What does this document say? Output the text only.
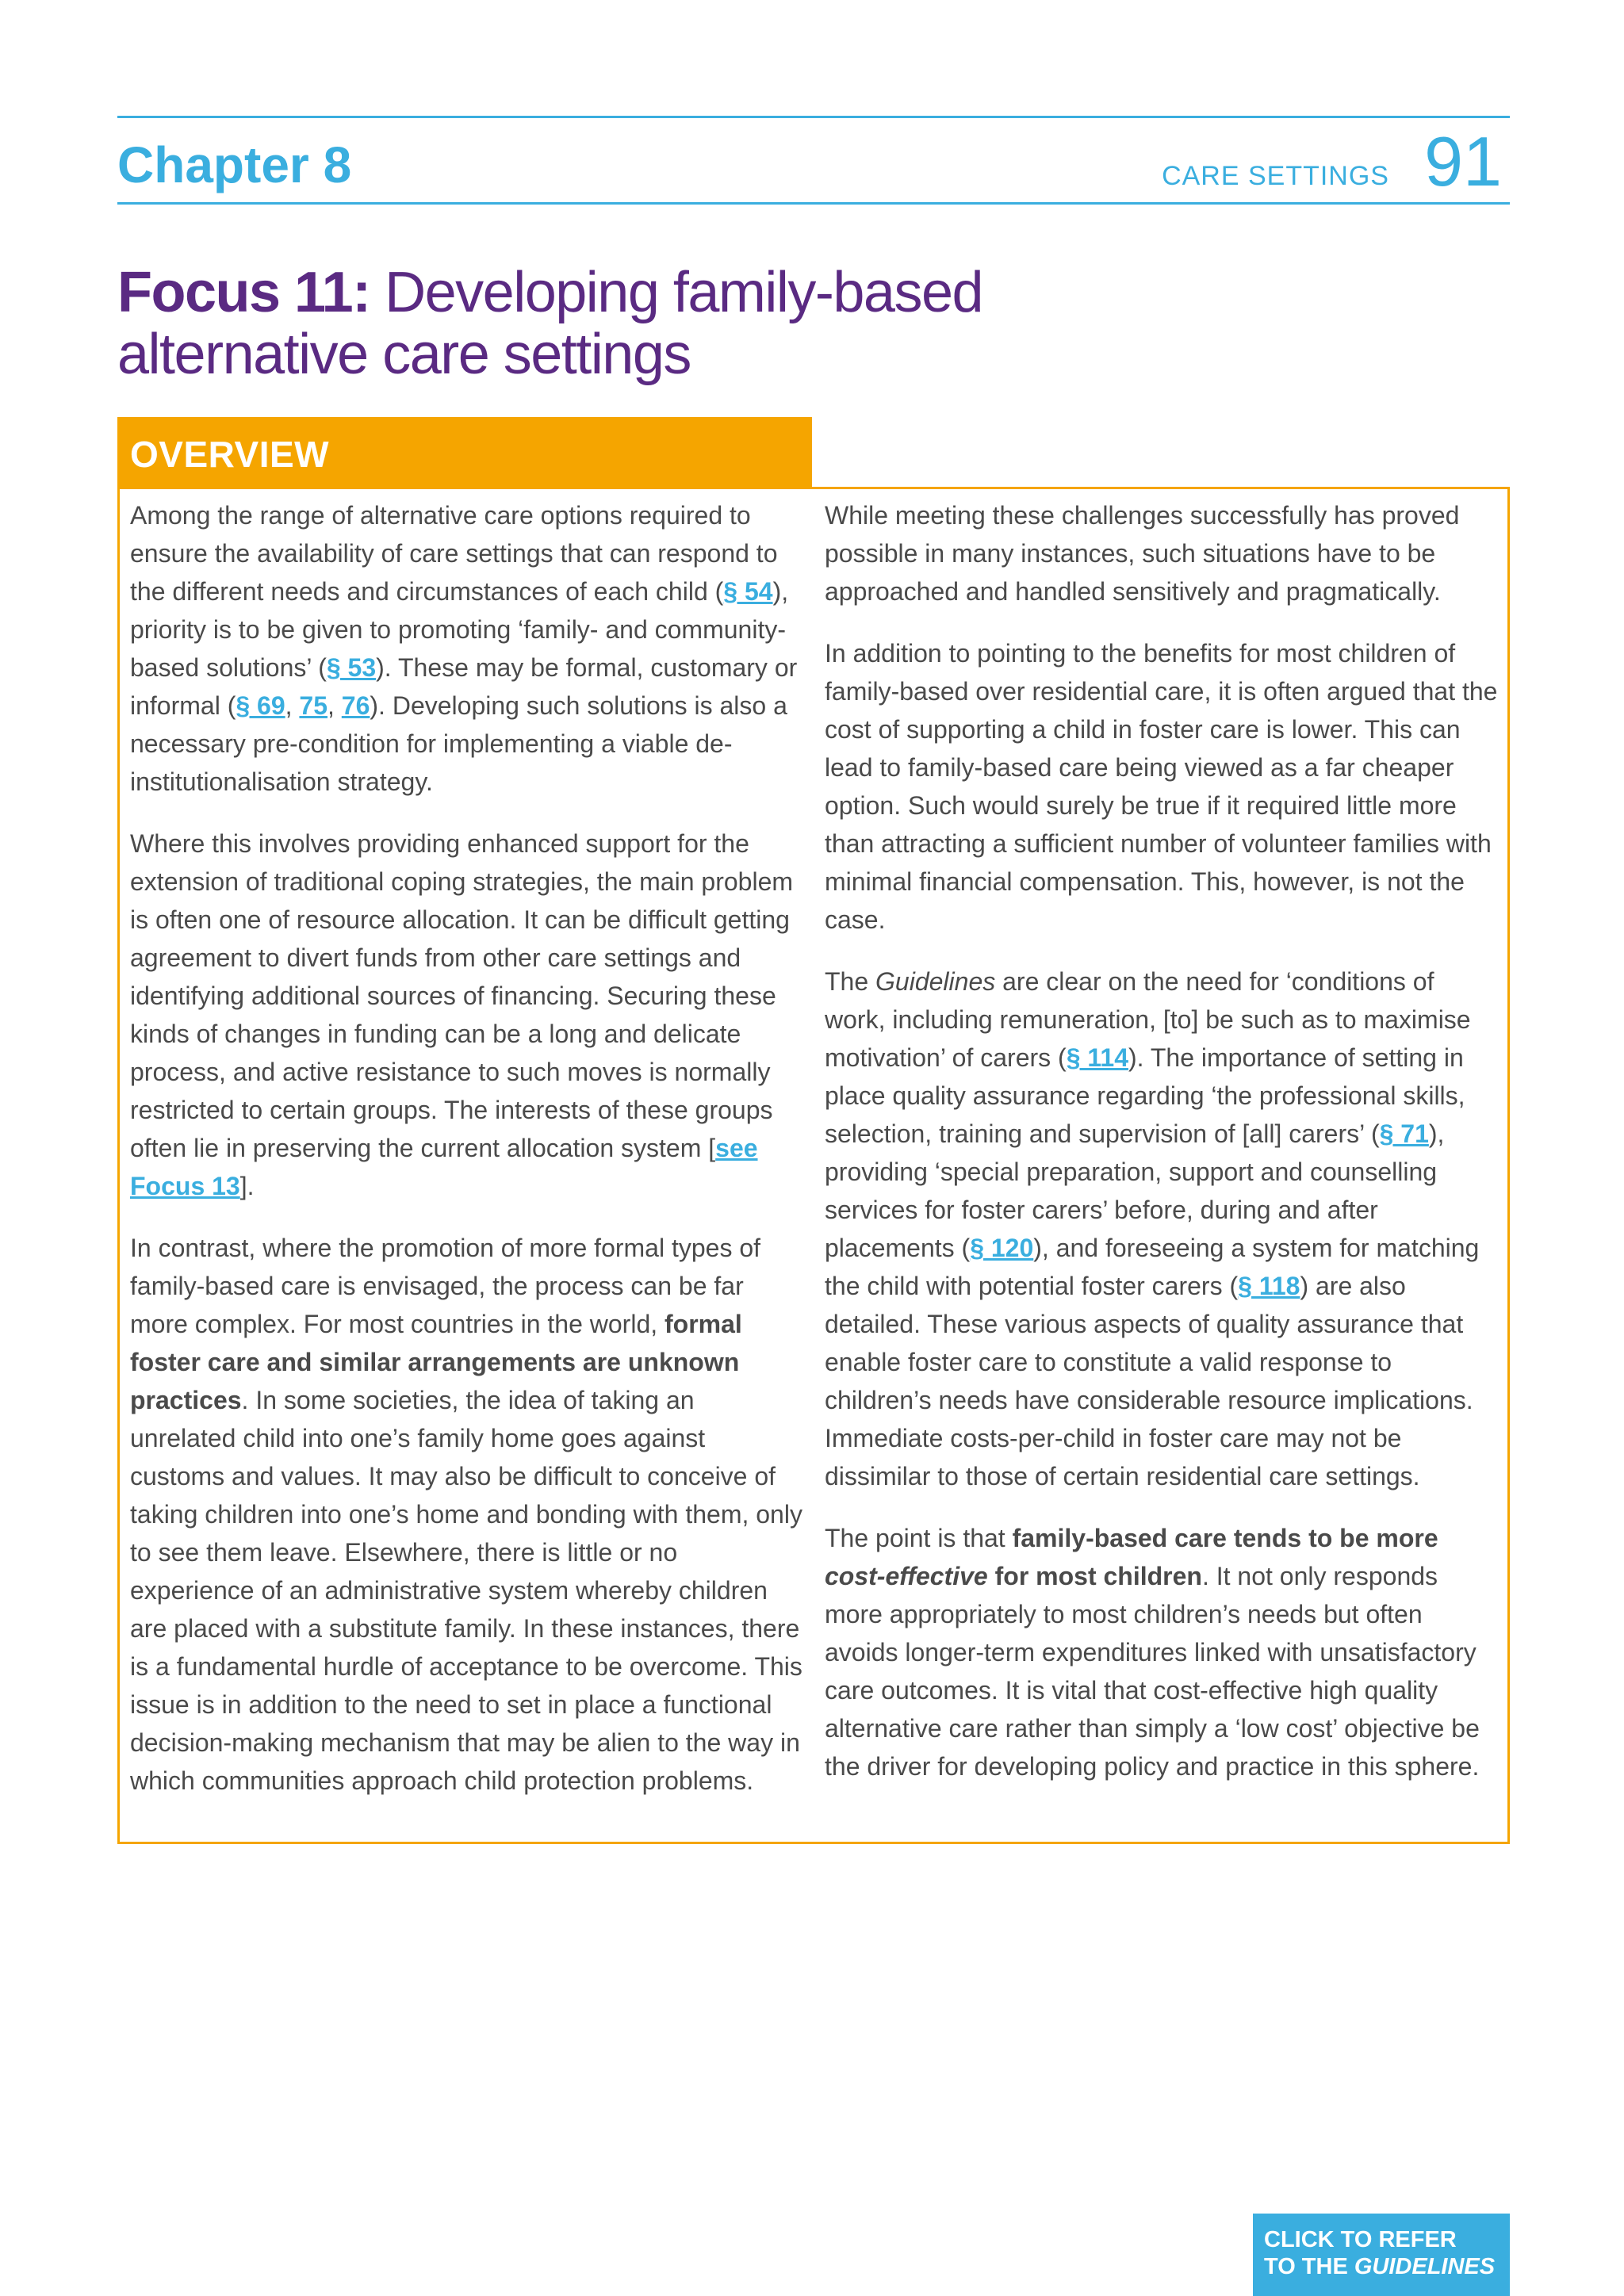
Chapter 8	CARE SETTINGS 91
Focus 11: Developing family-based alternative care settings
OVERVIEW

Among the range of alternative care options required to ensure the availability of care settings that can respond to the different needs and circumstances of each child (§ 54), priority is to be given to promoting ‘family- and community-based solutions’ (§ 53). These may be formal, customary or informal (§ 69, 75, 76). Developing such solutions is also a necessary pre-condition for implementing a viable de-institutionalisation strategy.

Where this involves providing enhanced support for the extension of traditional coping strategies, the main problem is often one of resource allocation. It can be difficult getting agreement to divert funds from other care settings and identifying additional sources of financing. Securing these kinds of changes in funding can be a long and delicate process, and active resistance to such moves is normally restricted to certain groups. The interests of these groups often lie in preserving the current allocation system [see Focus 13].

In contrast, where the promotion of more formal types of family-based care is envisaged, the process can be far more complex. For most countries in the world, formal foster care and similar arrangements are unknown practices. In some societies, the idea of taking an unrelated child into one’s family home goes against customs and values. It may also be difficult to conceive of taking children into one’s home and bonding with them, only to see them leave. Elsewhere, there is little or no experience of an administrative system whereby children are placed with a substitute family. In these instances, there is a fundamental hurdle of acceptance to be overcome. This issue is in addition to the need to set in place a functional decision-making mechanism that may be alien to the way in which communities approach child protection problems.

While meeting these challenges successfully has proved possible in many instances, such situations have to be approached and handled sensitively and pragmatically.

In addition to pointing to the benefits for most children of family-based over residential care, it is often argued that the cost of supporting a child in foster care is lower. This can lead to family-based care being viewed as a far cheaper option. Such would surely be true if it required little more than attracting a sufficient number of volunteer families with minimal financial compensation. This, however, is not the case.

The Guidelines are clear on the need for ‘conditions of work, including remuneration, [to] be such as to maximise motivation’ of carers (§ 114). The importance of setting in place quality assurance regarding ‘the professional skills, selection, training and supervision of [all] carers’ (§ 71), providing ‘special preparation, support and counselling services for foster carers’ before, during and after placements (§ 120), and foreseeing a system for matching the child with potential foster carers (§ 118) are also detailed. These various aspects of quality assurance that enable foster care to constitute a valid response to children’s needs have considerable resource implications. Immediate costs-per-child in foster care may not be dissimilar to those of certain residential care settings.

The point is that family-based care tends to be more cost-effective for most children. It not only responds more appropriately to most children’s needs but often avoids longer-term expenditures linked with unsatisfactory care outcomes. It is vital that cost-effective high quality alternative care rather than simply a ‘low cost’ objective be the driver for developing policy and practice in this sphere.

CLICK TO REFER
TO THE GUIDELINES
